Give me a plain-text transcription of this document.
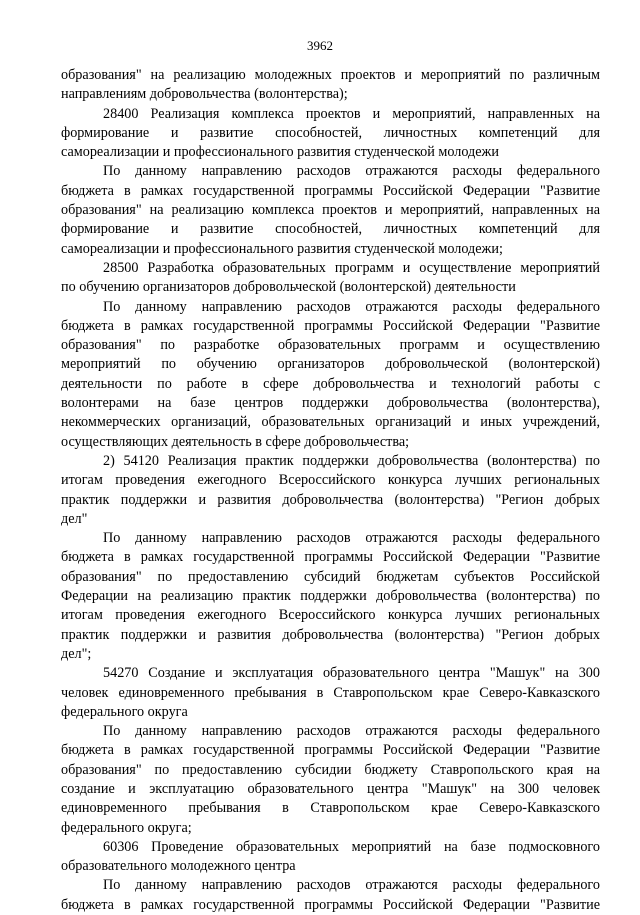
3962
образования" на реализацию молодежных проектов и мероприятий по различным
направлениям добровольчества (волонтерства);
28400 Реализация комплекса проектов и мероприятий, направленных на
формирование и развитие способностей, личностных компетенций для
самореализации и профессионального развития студенческой молодежи
По данному направлению расходов отражаются расходы федерального
бюджета в рамках государственной программы Российской Федерации "Развитие
образования" на реализацию комплекса проектов и мероприятий, направленных на
формирование и развитие способностей, личностных компетенций для
самореализации и профессионального развития студенческой молодежи;
28500 Разработка образовательных программ и осуществление мероприятий
по обучению организаторов добровольческой (волонтерской) деятельности
По данному направлению расходов отражаются расходы федерального
бюджета в рамках государственной программы Российской Федерации "Развитие
образования" по разработке образовательных программ и осуществлению
мероприятий по обучению организаторов добровольческой (волонтерской)
деятельности по работе в сфере добровольчества и технологий работы с
волонтерами на базе центров поддержки добровольчества (волонтерства),
некоммерческих организаций, образовательных организаций и иных учреждений,
осуществляющих деятельность в сфере добровольчества;
2) 54120 Реализация практик поддержки добровольчества (волонтерства) по
итогам проведения ежегодного Всероссийского конкурса лучших региональных
практик поддержки и развития добровольчества (волонтерства) "Регион добрых
дел"
По данному направлению расходов отражаются расходы федерального
бюджета в рамках государственной программы Российской Федерации "Развитие
образования" по предоставлению субсидий бюджетам субъектов Российской
Федерации на реализацию практик поддержки добровольчества (волонтерства) по
итогам проведения ежегодного Всероссийского конкурса лучших региональных
практик поддержки и развития добровольчества (волонтерства) "Регион добрых
дел";
54270 Создание и эксплуатация образовательного центра "Машук" на 300
человек единовременного пребывания в Ставропольском крае Северо-Кавказского
федерального округа
По данному направлению расходов отражаются расходы федерального
бюджета в рамках государственной программы Российской Федерации "Развитие
образования" по предоставлению субсидии бюджету Ставропольского края на
создание и эксплуатацию образовательного центра "Машук" на 300 человек
единовременного пребывания в Ставропольском крае Северо-Кавказского
федерального округа;
60306 Проведение образовательных мероприятий на базе подмосковного
образовательного молодежного центра
По данному направлению расходов отражаются расходы федерального
бюджета в рамках государственной программы Российской Федерации "Развитие
